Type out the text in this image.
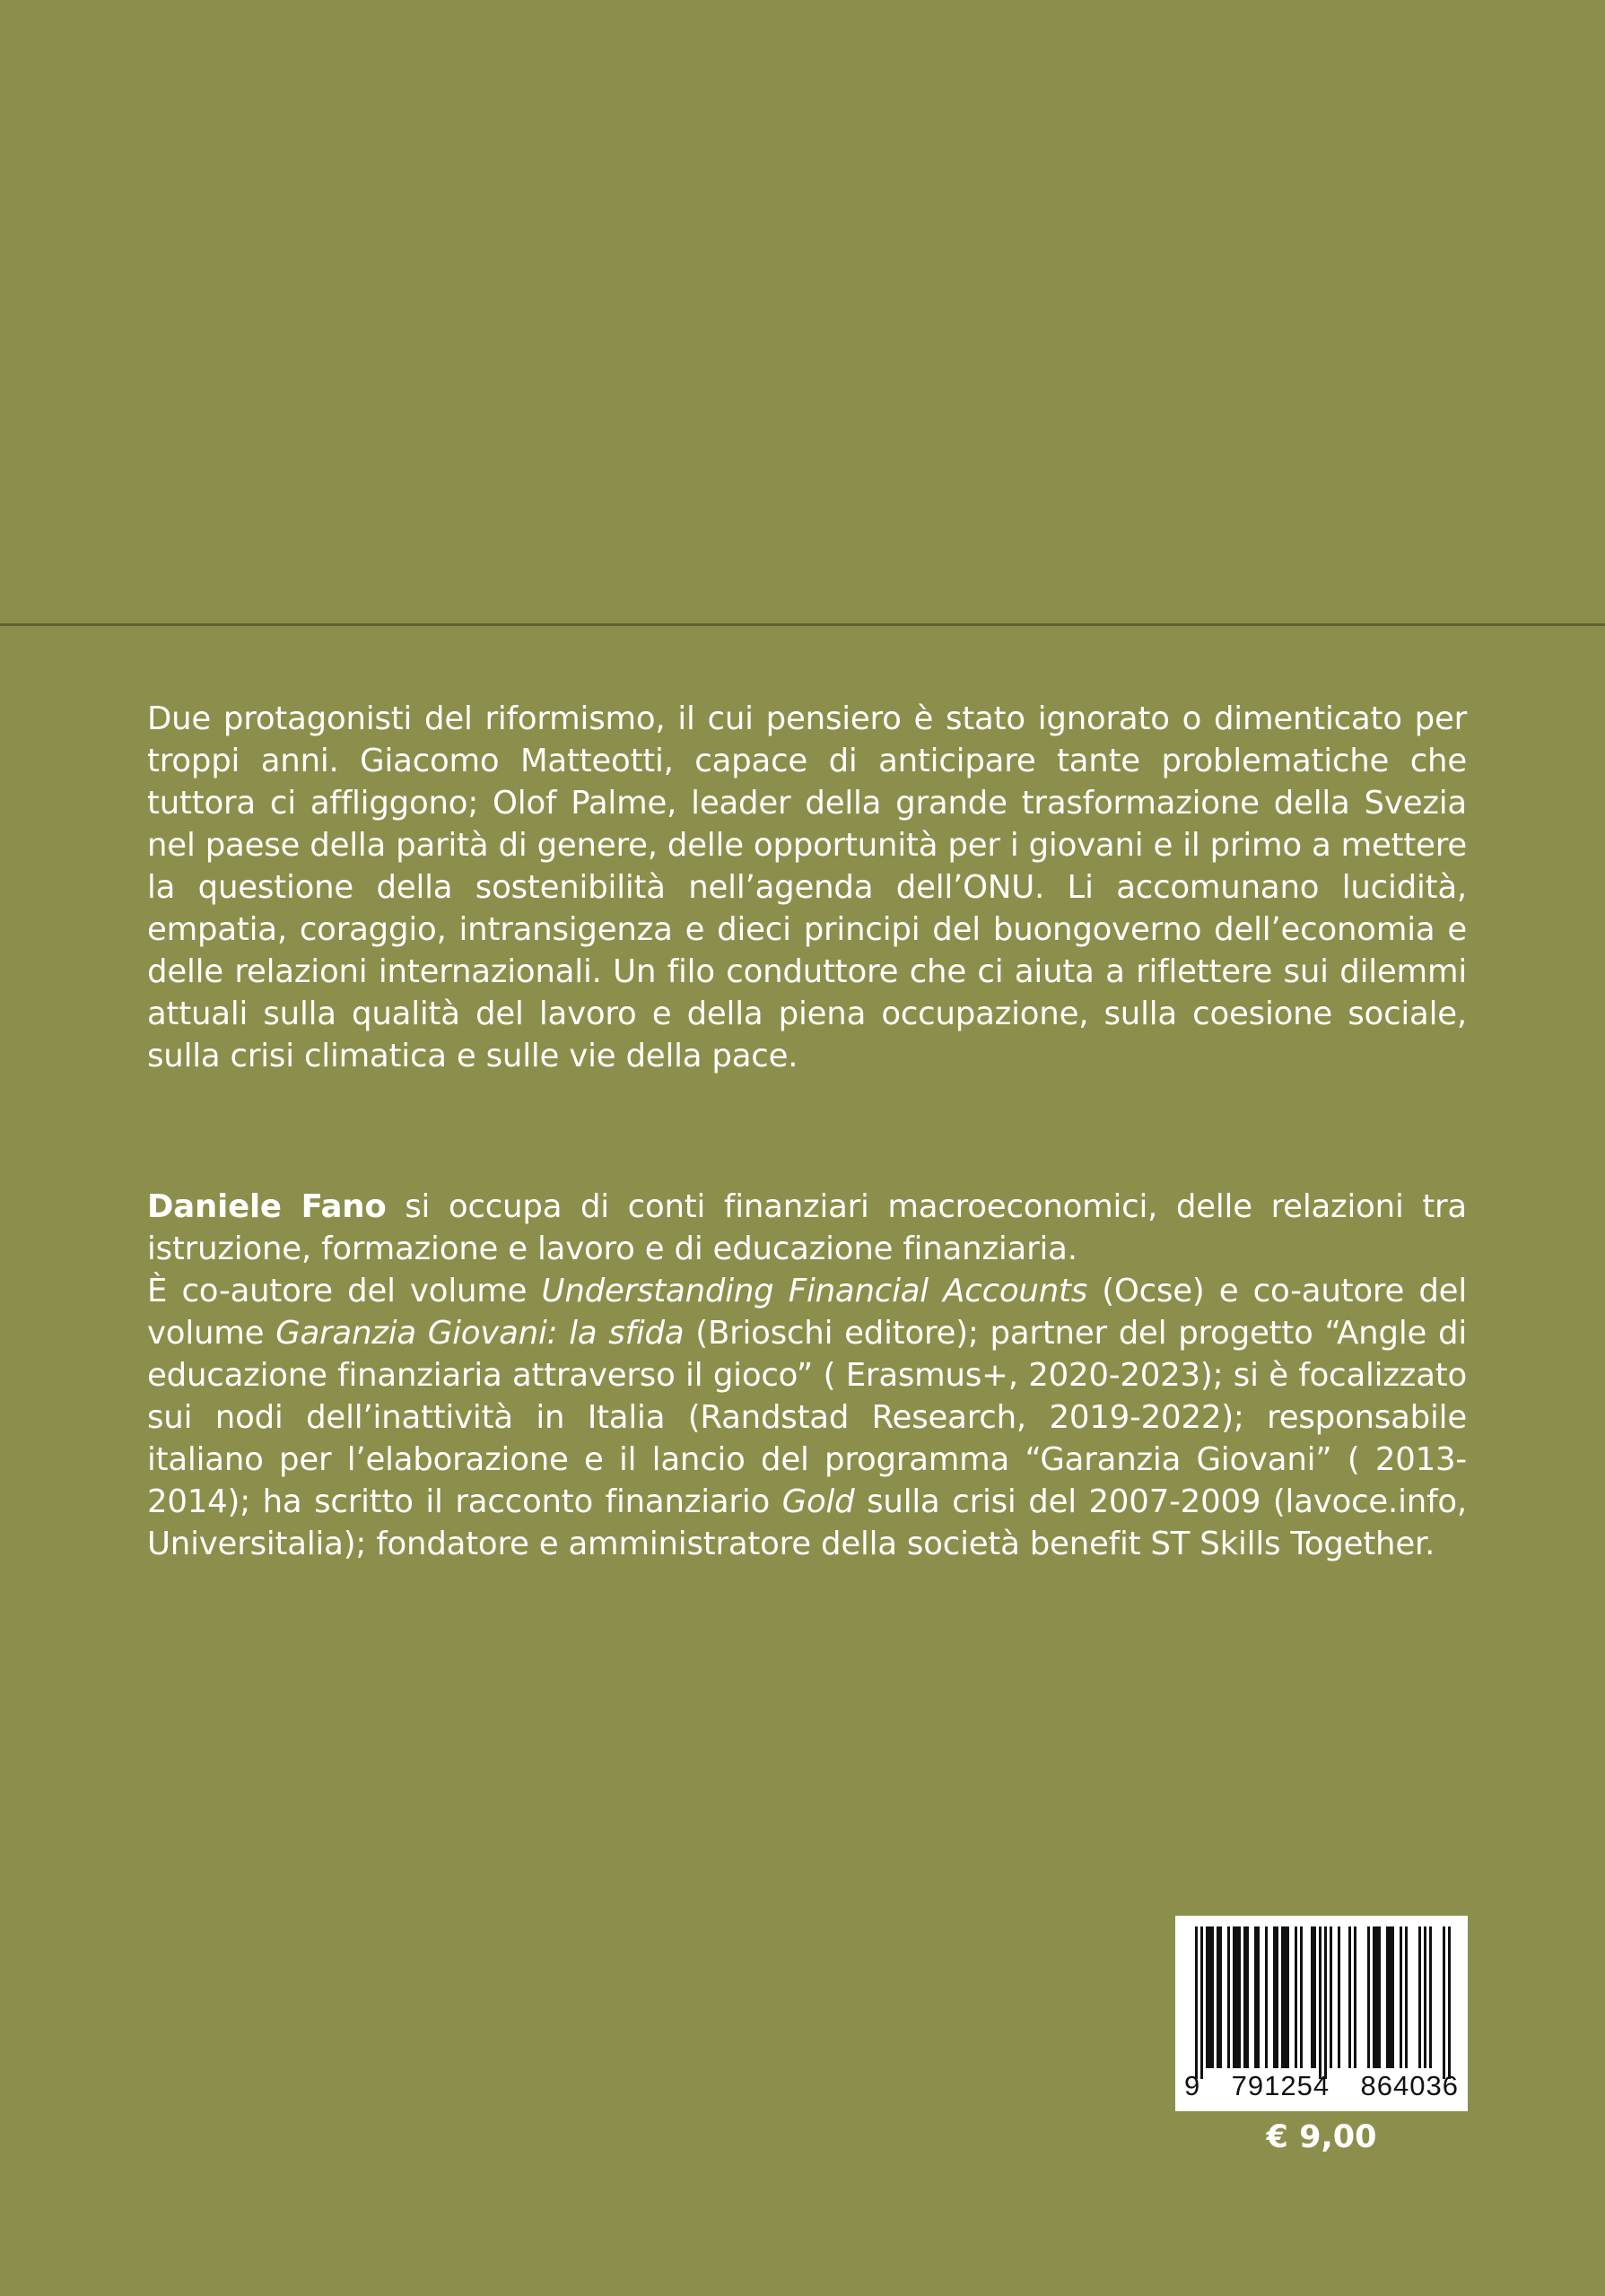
Due protagonisti del riformismo, il cui pensiero è stato ignorato o dimenticato per troppi anni. Giacomo Matteotti, capace di anticipare tante problematiche che tuttora ci affliggono; Olof Palme, leader della grande trasformazione della Svezia nel paese della parità di genere, delle opportunità per i giovani e il primo a mettere la questione della sostenibilità nell’agenda dell’ONU. Li accomunano lucidità, empatia, coraggio, intransigenza e dieci principi del buongoverno dell’economia e delle relazioni internazionali. Un filo conduttore che ci aiuta a riflettere sui dilemmi attuali sulla qualità del lavoro e della piena occupazione, sulla coesione sociale, sulla crisi climatica e sulle vie della pace.

Daniele Fano si occupa di conti finanziari macroeconomici, delle relazioni tra istruzione, formazione e lavoro e di educazione finanziaria.

È co-autore del volume Understanding Financial Accounts (Ocse) e co-autore del volume Garanzia Giovani: la sfida (Brioschi editore); partner del progetto “Angle di educazione finanziaria attraverso il gioco” ( Erasmus+, 2020-2023); si è focalizzato sui nodi dell’inattività in Italia (Randstad Research, 2019-2022); responsabile italiano per l’elaborazione e il lancio del programma “Garanzia Giovani” ( 2013-2014); ha scritto il racconto finanziario Gold sulla crisi del 2007-2009 (lavoce.info, Universitalia); fondatore e amministratore della società benefit ST Skills Together.

9 791254 864036
€ 9,00
